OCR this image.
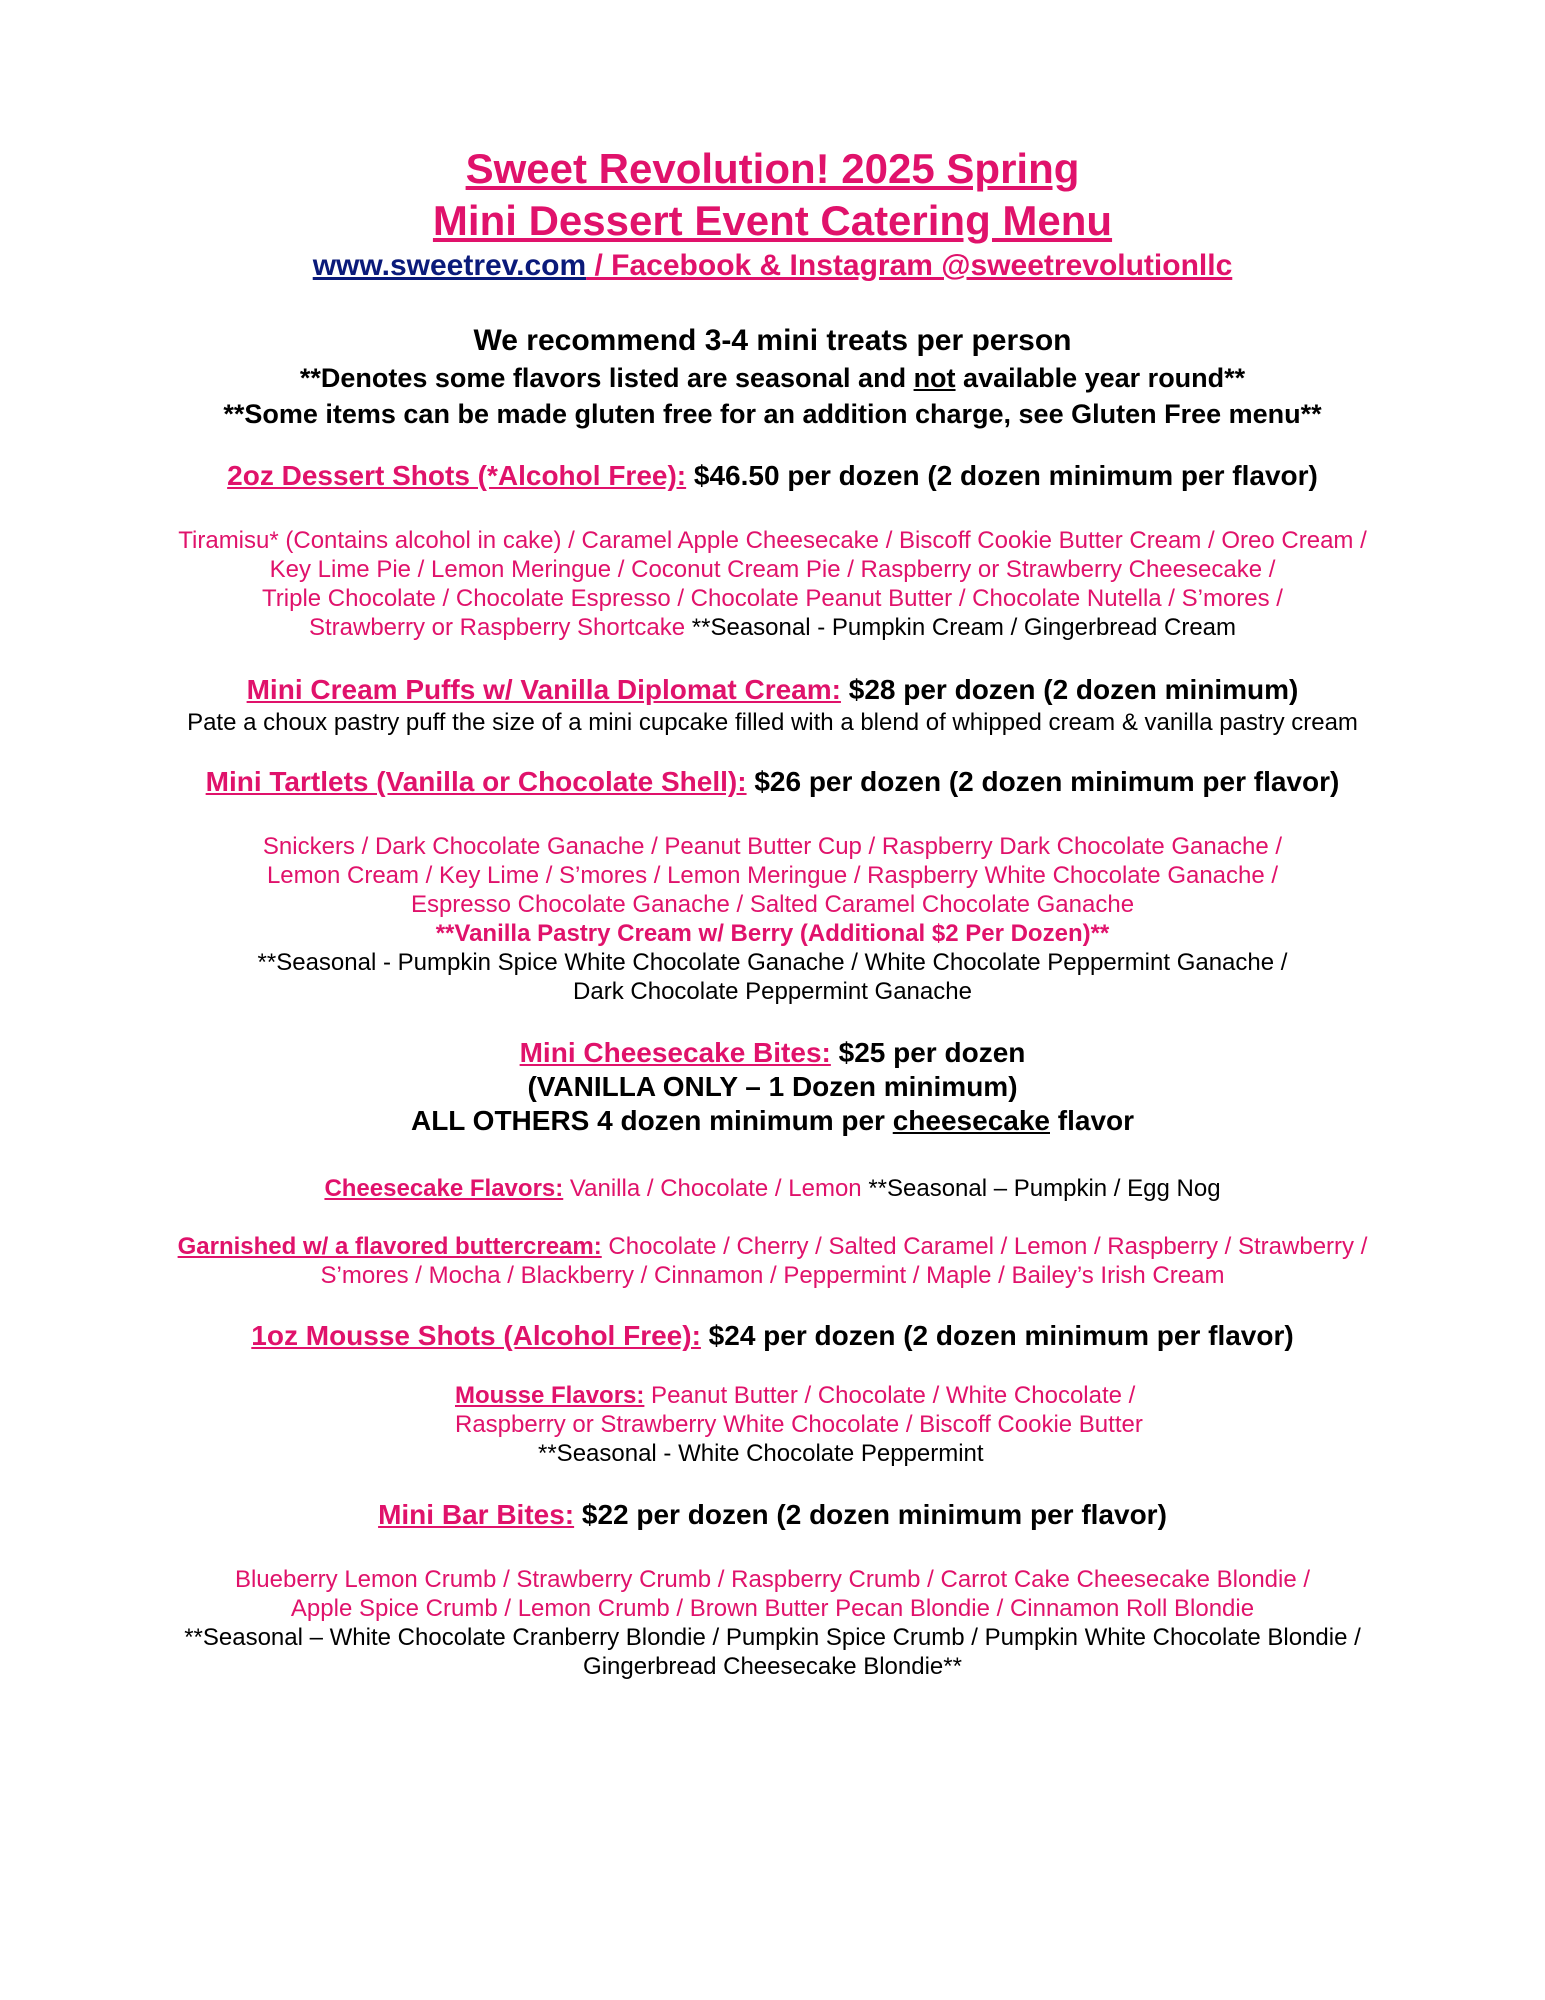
Sweet Revolution! 2025 Spring
Mini Dessert Event Catering Menu
www.sweetrev.com / Facebook & Instagram @sweetrevolutionllc
We recommend 3-4 mini treats per person
**Denotes some flavors listed are seasonal and not available year round**
**Some items can be made gluten free for an addition charge, see Gluten Free menu**
2oz Dessert Shots (*Alcohol Free): $46.50 per dozen (2 dozen minimum per flavor)
Tiramisu* (Contains alcohol in cake) / Caramel Apple Cheesecake / Biscoff Cookie Butter Cream / Oreo Cream /
Key Lime Pie / Lemon Meringue / Coconut Cream Pie / Raspberry or Strawberry Cheesecake /
Triple Chocolate / Chocolate Espresso / Chocolate Peanut Butter / Chocolate Nutella / S’mores /
Strawberry or Raspberry Shortcake **Seasonal - Pumpkin Cream / Gingerbread Cream
Mini Cream Puffs w/ Vanilla Diplomat Cream: $28 per dozen (2 dozen minimum)
Pate a choux pastry puff the size of a mini cupcake filled with a blend of whipped cream & vanilla pastry cream
Mini Tartlets (Vanilla or Chocolate Shell): $26 per dozen (2 dozen minimum per flavor)
Snickers / Dark Chocolate Ganache / Peanut Butter Cup / Raspberry Dark Chocolate Ganache /
Lemon Cream / Key Lime / S’mores / Lemon Meringue / Raspberry White Chocolate Ganache /
Espresso Chocolate Ganache / Salted Caramel Chocolate Ganache
**Vanilla Pastry Cream w/ Berry (Additional $2 Per Dozen)**
**Seasonal - Pumpkin Spice White Chocolate Ganache / White Chocolate Peppermint Ganache /
Dark Chocolate Peppermint Ganache
Mini Cheesecake Bites: $25 per dozen
(VANILLA ONLY – 1 Dozen minimum)
ALL OTHERS 4 dozen minimum per cheesecake flavor
Cheesecake Flavors: Vanilla / Chocolate / Lemon **Seasonal – Pumpkin / Egg Nog
Garnished w/ a flavored buttercream: Chocolate / Cherry / Salted Caramel / Lemon / Raspberry / Strawberry /
S’mores / Mocha / Blackberry / Cinnamon / Peppermint / Maple / Bailey’s Irish Cream
1oz Mousse Shots (Alcohol Free): $24 per dozen (2 dozen minimum per flavor)
Mousse Flavors: Peanut Butter / Chocolate / White Chocolate /
Raspberry or Strawberry White Chocolate / Biscoff Cookie Butter
**Seasonal - White Chocolate Peppermint
Mini Bar Bites: $22 per dozen (2 dozen minimum per flavor)
Blueberry Lemon Crumb / Strawberry Crumb / Raspberry Crumb / Carrot Cake Cheesecake Blondie /
Apple Spice Crumb / Lemon Crumb / Brown Butter Pecan Blondie / Cinnamon Roll Blondie
**Seasonal – White Chocolate Cranberry Blondie / Pumpkin Spice Crumb / Pumpkin White Chocolate Blondie /
Gingerbread Cheesecake Blondie**
